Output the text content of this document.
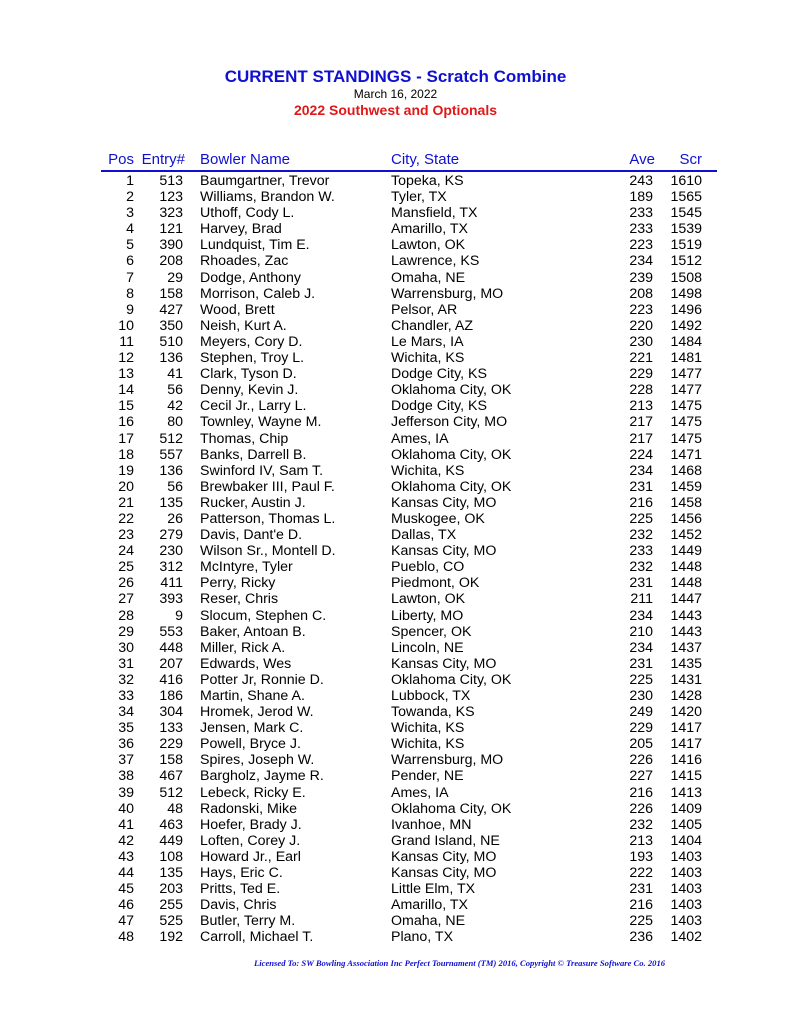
CURRENT STANDINGS - Scratch Combine
March 16, 2022
2022 Southwest and Optionals
Pos Entry# Bowler Name	City, State	Ave Scr
1 513 Baumgartner, Trevor	Topeka, KS	243 1610
2 123 Williams, Brandon W.	Tyler, TX	189 1565
3 323 Uthoff, Cody L.	Mansfield, TX	233 1545
4 121 Harvey, Brad	Amarillo, TX	233 1539
5 390 Lundquist, Tim E.	Lawton, OK	223 1519
6 208 Rhoades, Zac	Lawrence, KS	234 1512
7 29 Dodge, Anthony	Omaha, NE	239 1508
8 158 Morrison, Caleb J.	Warrensburg, MO	208 1498
9 427 Wood, Brett	Pelsor, AR	223 1496
10 350 Neish, Kurt A.	Chandler, AZ	220 1492
11 510 Meyers, Cory D.	Le Mars, IA	230 1484
12 136 Stephen, Troy L.	Wichita, KS	221 1481
13 41 Clark, Tyson D.	Dodge City, KS	229 1477
14 56 Denny, Kevin J.	Oklahoma City, OK	228 1477
15 42 Cecil Jr., Larry L.	Dodge City, KS	213 1475
16 80 Townley, Wayne M.	Jefferson City, MO	217 1475
17 512 Thomas, Chip	Ames, IA	217 1475
18 557 Banks, Darrell B.	Oklahoma City, OK	224 1471
19 136 Swinford IV, Sam T.	Wichita, KS	234 1468
20 56 Brewbaker III, Paul F.	Oklahoma City, OK	231 1459
21 135 Rucker, Austin J.	Kansas City, MO	216 1458
22 26 Patterson, Thomas L.	Muskogee, OK	225 1456
23 279 Davis, Dant'e D.	Dallas, TX	232 1452
24 230 Wilson Sr., Montell D.	Kansas City, MO	233 1449
25 312 McIntyre, Tyler	Pueblo, CO	232 1448
26 411 Perry, Ricky	Piedmont, OK	231 1448
27 393 Reser, Chris	Lawton, OK	211 1447
28	9 Slocum, Stephen C.	Liberty, MO	234 1443
29 553 Baker, Antoan B.	Spencer, OK	210 1443
30 448 Miller, Rick A.	Lincoln, NE	234 1437
31 207 Edwards, Wes	Kansas City, MO	231 1435
32 416 Potter Jr, Ronnie D.	Oklahoma City, OK	225 1431
33 186 Martin, Shane A.	Lubbock, TX	230 1428
34 304 Hromek, Jerod W.	Towanda, KS	249 1420
35 133 Jensen, Mark C.	Wichita, KS	229 1417
36 229 Powell, Bryce J.	Wichita, KS	205 1417
37 158 Spires, Joseph W.	Warrensburg, MO	226 1416
38 467 Bargholz, Jayme R.	Pender, NE	227 1415
39 512 Lebeck, Ricky E.	Ames, IA	216 1413
40 48 Radonski, Mike	Oklahoma City, OK	226 1409
41 463 Hoefer, Brady J.	Ivanhoe, MN	232 1405
42 449 Loften, Corey J.	Grand Island, NE	213 1404
43 108 Howard Jr., Earl	Kansas City, MO	193 1403
44 135 Hays, Eric C.	Kansas City, MO	222 1403
45 203 Pritts, Ted E.	Little Elm, TX	231 1403
46 255 Davis, Chris	Amarillo, TX	216 1403
47 525 Butler, Terry M.	Omaha, NE	225 1403
48 192 Carroll, Michael T.	Plano, TX	236 1402
Licensed To: SW Bowling Association Inc Perfect Tournament (TM) 2016, Copyright © Treasure Software Co. 2016
